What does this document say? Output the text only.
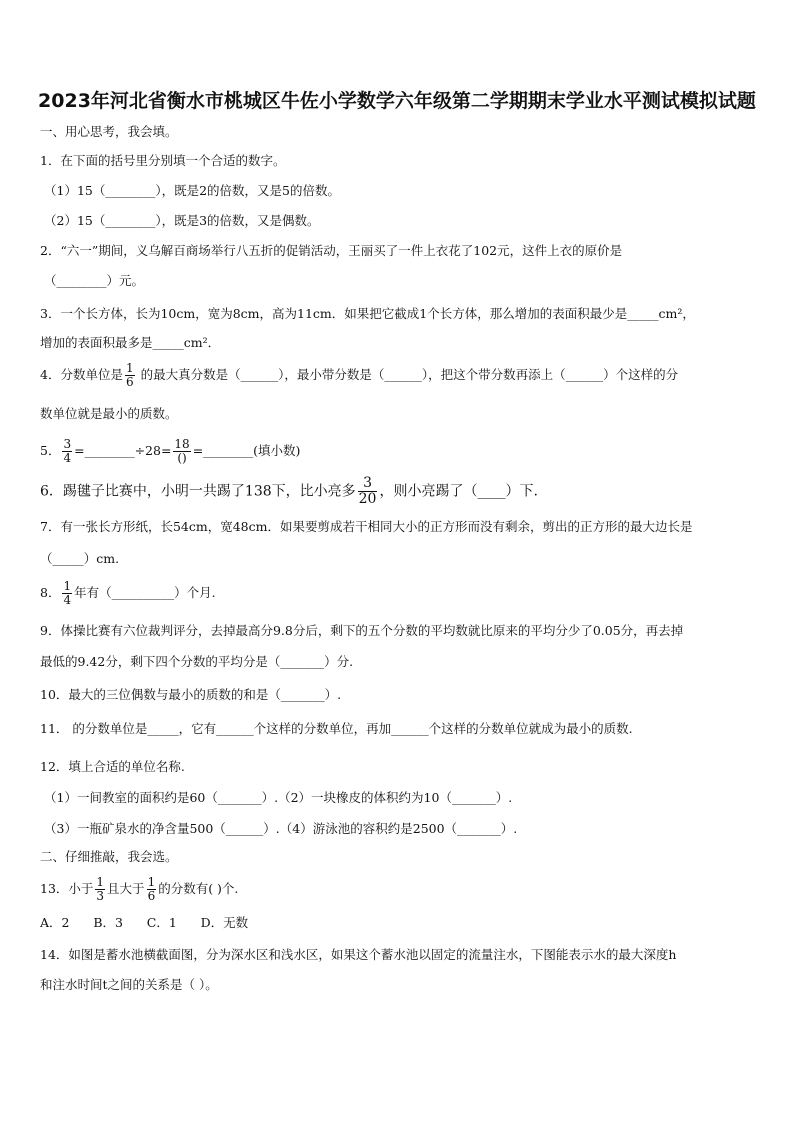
2023年河北省衡水市桃城区牛佐小学数学六年级第二学期期末学业水平测试模拟试题
一、用心思考，我会填。
1．在下面的括号里分别填一个合适的数字。
（1）15（________），既是2的倍数，又是5的倍数。
（2）15（________），既是3的倍数，又是偶数。
2．“六一”期间，义乌解百商场举行八五折的促销活动，王丽买了一件上衣花了102元，这件上衣的原价是
（________）元。
3．一个长方体，长为10cm，宽为8cm，高为11cm．如果把它截成1个长方体，那么增加的表面积最少是_____cm²，
增加的表面积最多是_____cm²．
4．分数单位是 $\frac{1}{6}$ 的最大真分数是（______），最小带分数是（______），把这个带分数再添上（______）个这样的分
数单位就是最小的质数。
5． $\frac{3}{4}$ =________÷28= $\frac{18}{()}$ =________(填小数)
6．踢毽子比赛中，小明一共踢了138下，比小亮多 $\frac{3}{20}$ ，则小亮踢了（____）下.
7．有一张长方形纸，长54cm，宽48cm．如果要剪成若干相同大小的正方形而没有剩余，剪出的正方形的最大边长是
（_____）cm.
8． $\frac{1}{4}$ 年有（__________）个月.
9．体操比赛有六位裁判评分，去掉最高分9.8分后，剩下的五个分数的平均数就比原来的平均分少了0.05分，再去掉
最低的9.42分，剩下四个分数的平均分是（_______）分.
10．最大的三位偶数与最小的质数的和是（_______）.
11． 的分数单位是_____，它有______个这样的分数单位，再加______个这样的分数单位就成为最小的质数.
12．填上合适的单位名称.
（1）一间教室的面积约是60（_______）.（2）一块橡皮的体积约为10（_______）.
（3）一瓶矿泉水的净含量500（______）.（4）游泳池的容积约是2500（_______）.
二、仔细推敲，我会选。
13．小于 $\frac{1}{3}$ 且大于 $\frac{1}{6}$ 的分数有( )个.
A．2      B．3      C．1      D．无数
14．如图是蓄水池横截面图，分为深水区和浅水区，如果这个蓄水池以固定的流量注水，下图能表示水的最大深度h
和注水时间t之间的关系是（ ）。
